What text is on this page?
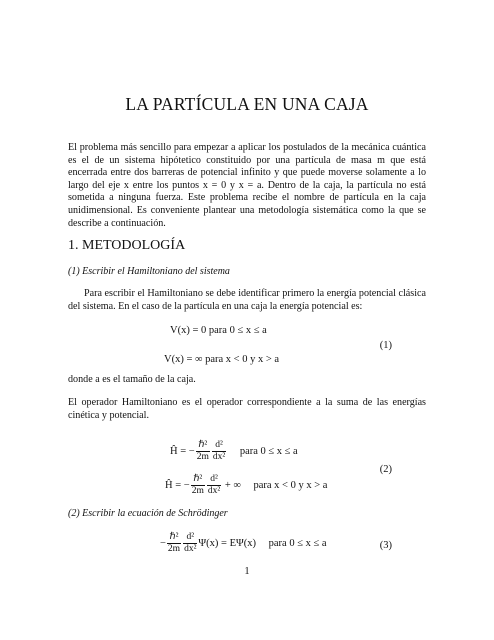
LA PARTÍCULA EN UNA CAJA
El problema más sencillo para empezar a aplicar los postulados de la mecánica cuántica es el de un sistema hipótetico constituido por una partícula de masa m que está encerrada entre dos barreras de potencial infinito y que puede moverse solamente a lo largo del eje x entre los puntos x = 0 y x = a. Dentro de la caja, la partícula no está sometida a ninguna fuerza. Este problema recibe el nombre de partícula en la caja unidimensional. Es conveniente plantear una metodología sistemática como la que se describe a continuación.
1. METODOLOGÍA
(1) Escribir el Hamiltoniano del sistema
Para escribir el Hamiltoniano se debe identificar primero la energía potencial clásica del sistema. En el caso de la partícula en una caja la energía potencial es:
V(x) = 0 para 0 ≤ x ≤ a
V(x) = ∞ para x < 0 y x > a
(1)
donde a es el tamaño de la caja.
El operador Hamiltoniano es el operador correspondiente a la suma de las energías cinética y potencial.
Ĥ = − $\frac{\text{ℏ²}}{2m} \frac{\text{d²}}{\text{dx²}}$ para 0 ≤ x ≤ a
Ĥ = − $\frac{\text{ℏ²}}{2m} \frac{\text{d²}}{\text{dx²}}$ + ∞ para x < 0 y x > a
(2)
(2) Escribir la ecuación de Schrödinger
− $\frac{\text{ℏ²}}{2m} \frac{\text{d²}}{\text{dx²}} \Psi(x) = E\Psi(x)$ para 0 ≤ x ≤ a	(3)
1
